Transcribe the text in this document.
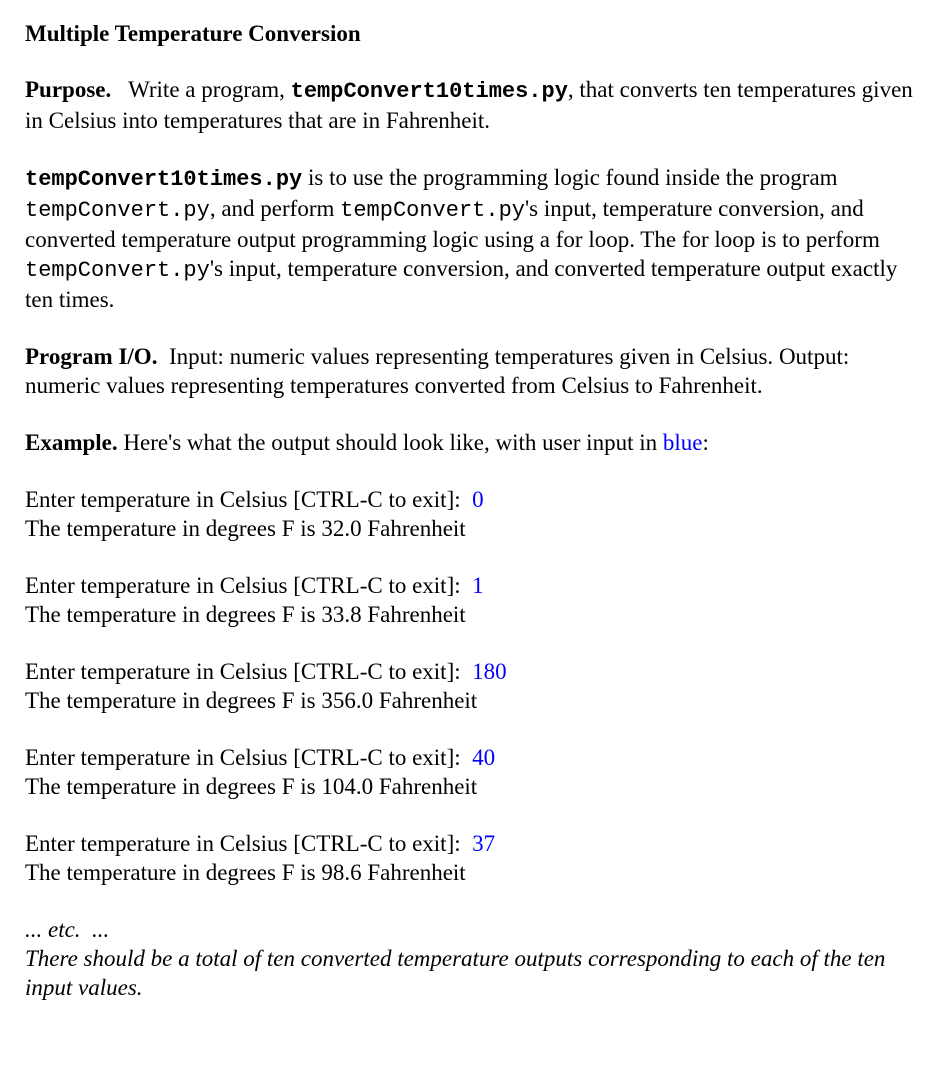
Multiple Temperature Conversion

Purpose. Write a program, tempConvert10times.py, that converts ten temperatures given in Celsius into temperatures that are in Fahrenheit.

tempConvert10times.py is to use the programming logic found inside the program tempConvert.py, and perform tempConvert.py's input, temperature conversion, and converted temperature output programming logic using a for loop. The for loop is to perform tempConvert.py's input, temperature conversion, and converted temperature output exactly ten times.

Program I/O. Input: numeric values representing temperatures given in Celsius. Output: numeric values representing temperatures converted from Celsius to Fahrenheit.

Example. Here's what the output should look like, with user input in blue:

Enter temperature in Celsius [CTRL-C to exit]:  0
The temperature in degrees F is 32.0 Fahrenheit
Enter temperature in Celsius [CTRL-C to exit]:  1
The temperature in degrees F is 33.8 Fahrenheit
Enter temperature in Celsius [CTRL-C to exit]:  180
The temperature in degrees F is 356.0 Fahrenheit
Enter temperature in Celsius [CTRL-C to exit]:  40
The temperature in degrees F is 104.0 Fahrenheit
Enter temperature in Celsius [CTRL-C to exit]:  37
The temperature in degrees F is 98.6 Fahrenheit
... etc.  ...
There should be a total of ten converted temperature outputs corresponding to each of the ten input values.
